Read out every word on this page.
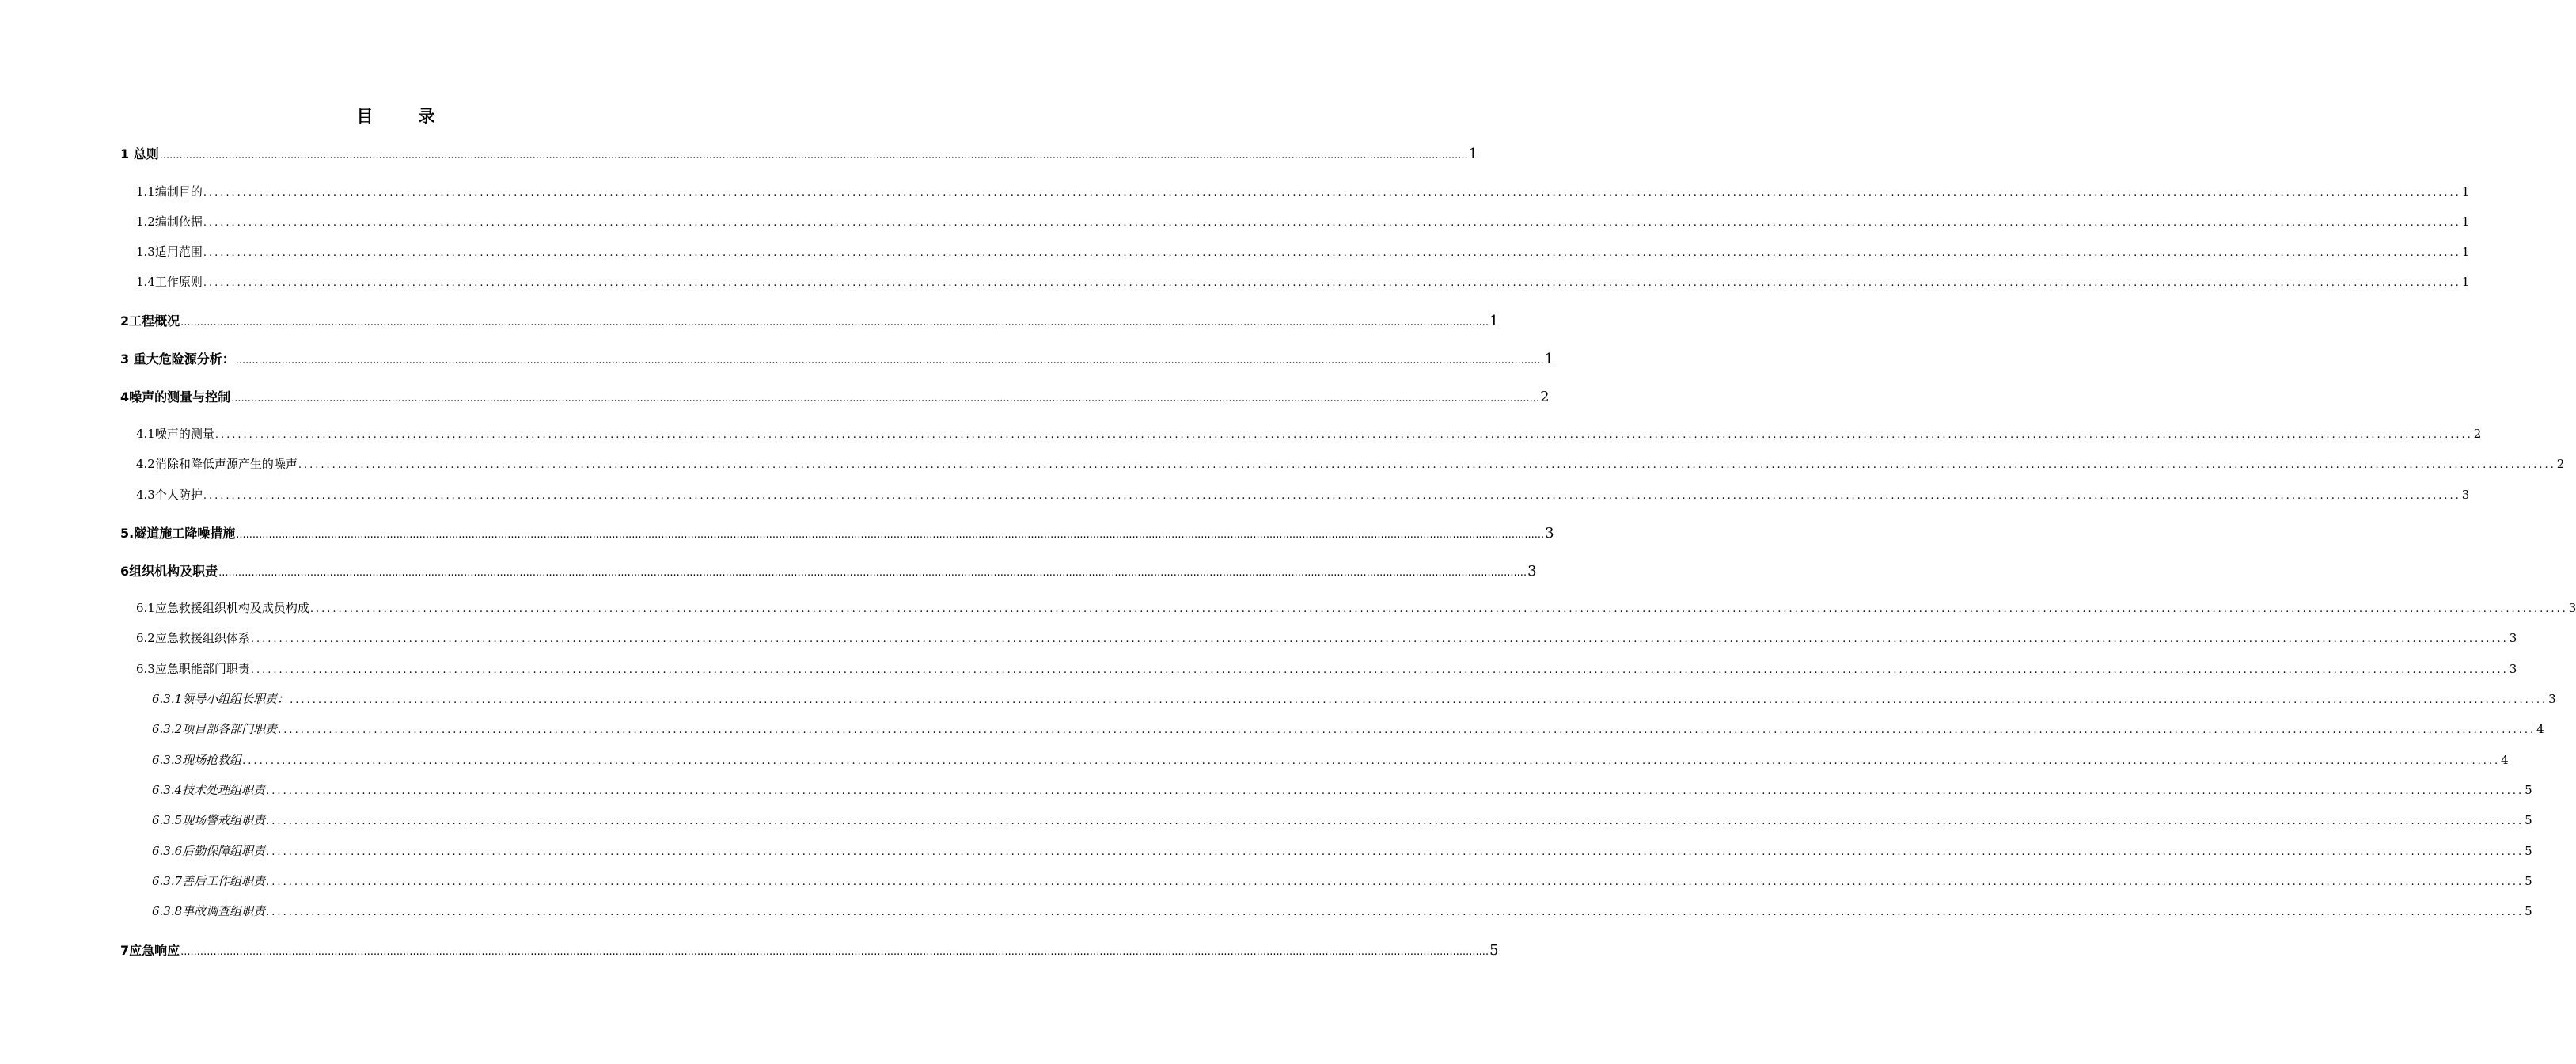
目　录
1 总则 ................................................................................................................................................................................................................................................................................................................................................................................................................ 1
1.1编制目的 ................................................................................................................................................................................................................................................................................................................................................................................................................ 1
1.2编制依据 ................................................................................................................................................................................................................................................................................................................................................................................................................ 1
1.3适用范围 ................................................................................................................................................................................................................................................................................................................................................................................................................ 1
1.4工作原则 ................................................................................................................................................................................................................................................................................................................................................................................................................ 1
2工程概况 ................................................................................................................................................................................................................................................................................................................................................................................................................ 1
3 重大危险源分析： ................................................................................................................................................................................................................................................................................................................................................................................................................ 1
4噪声的测量与控制 ................................................................................................................................................................................................................................................................................................................................................................................................................ 2
4.1噪声的测量 ................................................................................................................................................................................................................................................................................................................................................................................................................ 2
4.2消除和降低声源产生的噪声 ................................................................................................................................................................................................................................................................................................................................................................................................................ 2
4.3个人防护 ................................................................................................................................................................................................................................................................................................................................................................................................................ 3
5.隧道施工降噪措施 ................................................................................................................................................................................................................................................................................................................................................................................................................ 3
6组织机构及职责 ................................................................................................................................................................................................................................................................................................................................................................................................................ 3
6.1应急救援组织机构及成员构成 ................................................................................................................................................................................................................................................................................................................................................................................................................ 3
6.2应急救援组织体系 ................................................................................................................................................................................................................................................................................................................................................................................................................ 3
6.3应急职能部门职责 ................................................................................................................................................................................................................................................................................................................................................................................................................ 3
6.3.1领导小组组长职责： ................................................................................................................................................................................................................................................................................................................................................................................................................ 3
6.3.2项目部各部门职责 ................................................................................................................................................................................................................................................................................................................................................................................................................ 4
6.3.3现场抢救组 ................................................................................................................................................................................................................................................................................................................................................................................................................ 4
6.3.4技术处理组职责 ................................................................................................................................................................................................................................................................................................................................................................................................................ 5
6.3.5现场警戒组职责 ................................................................................................................................................................................................................................................................................................................................................................................................................ 5
6.3.6后勤保障组职责 ................................................................................................................................................................................................................................................................................................................................................................................................................ 5
6.3.7善后工作组职责 ................................................................................................................................................................................................................................................................................................................................................................................................................ 5
6.3.8事故调查组职责 ................................................................................................................................................................................................................................................................................................................................................................................................................ 5
7应急响应 ................................................................................................................................................................................................................................................................................................................................................................................................................ 5
